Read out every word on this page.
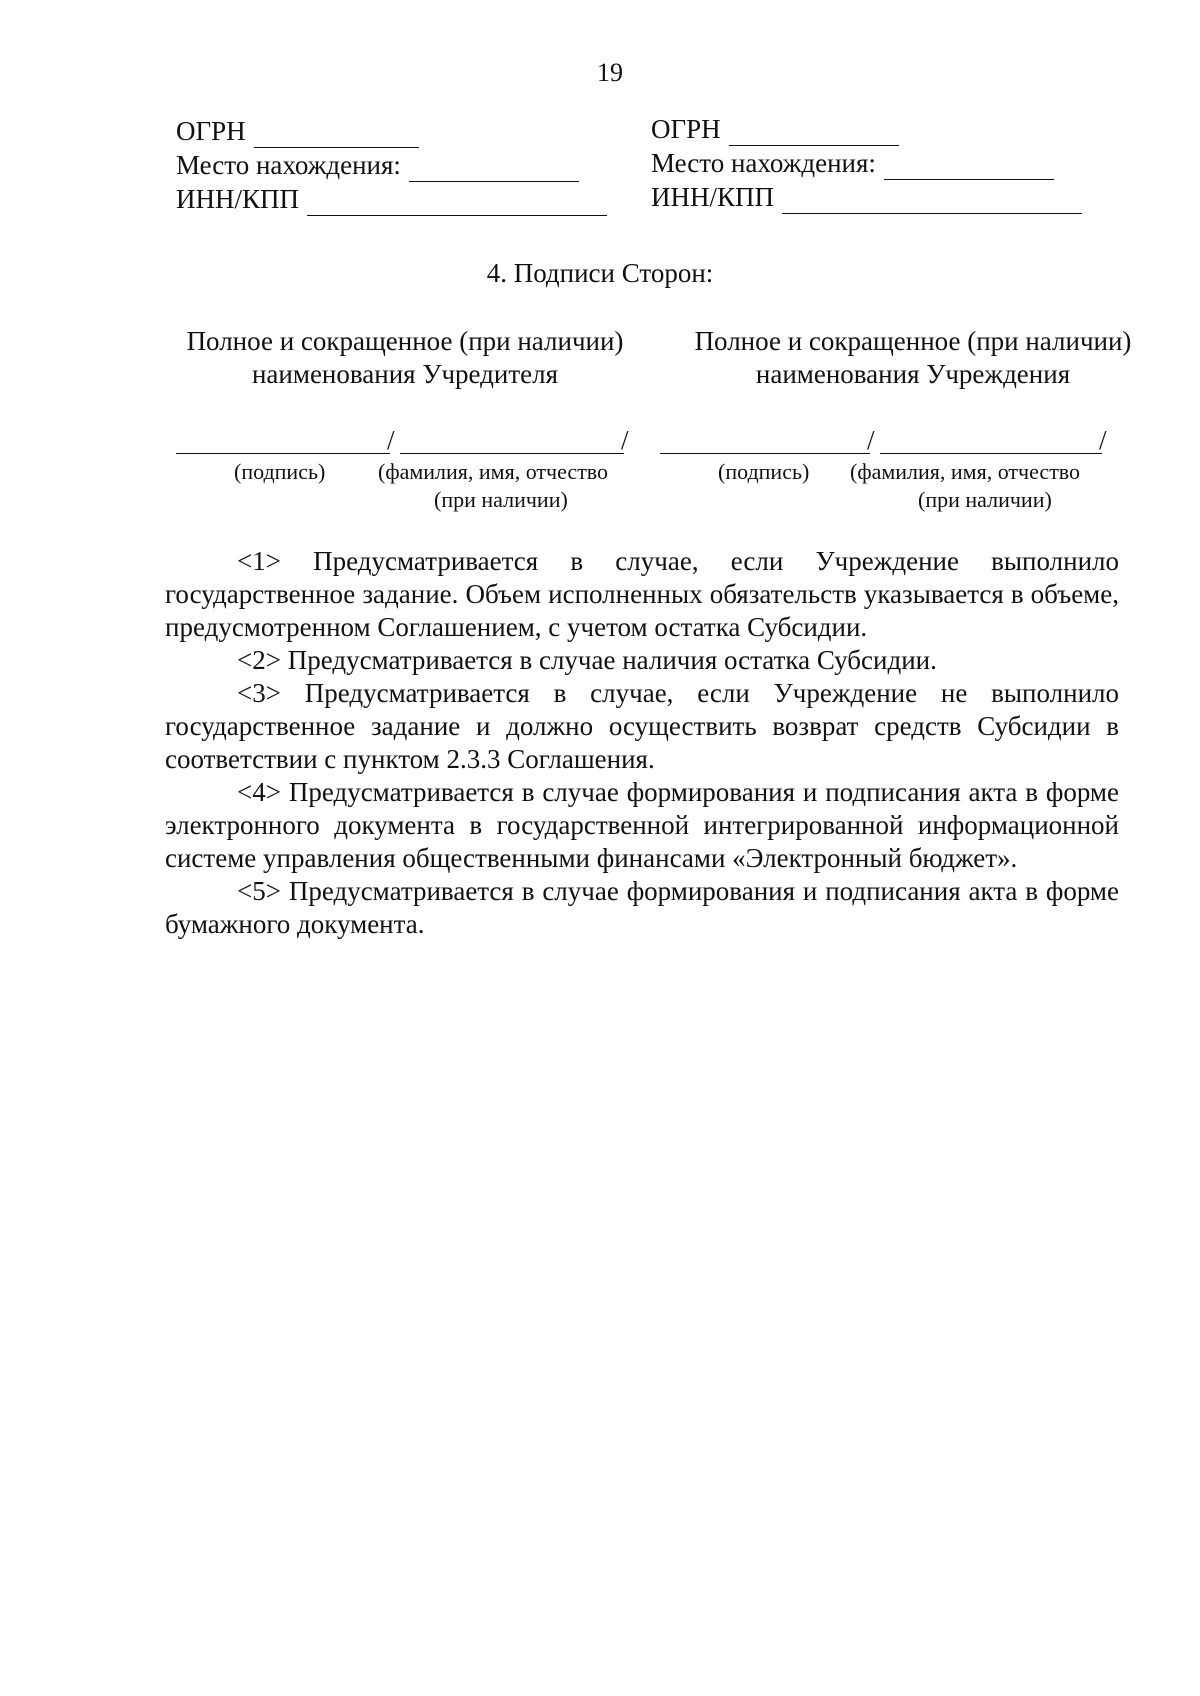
19
ОГРН
Место нахождения:
ИНН/КПП
ОГРН
Место нахождения:
ИНН/КПП
4. Подписи Сторон:
Полное и сокращенное (при наличии) наименования Учредителя
Полное и сокращенное (при наличии) наименования Учреждения
/	/	/	/
(подпись) (фамилия, имя, отчество
(при наличии)
(подпись) (фамилия, имя, отчество
(при наличии)

<1> Предусматривается в случае, если Учреждение выполнило государственное задание. Объем исполненных обязательств указывается в объеме, предусмотренном Соглашением, с учетом остатка Субсидии.

<2> Предусматривается в случае наличия остатка Субсидии.

<3> Предусматривается в случае, если Учреждение не выполнило государственное задание и должно осуществить возврат средств Субсидии в соответствии с пунктом 2.3.3 Соглашения.

<4> Предусматривается в случае формирования и подписания акта в форме электронного документа в государственной интегрированной информационной системе управления общественными финансами «Электронный бюджет».

<5> Предусматривается в случае формирования и подписания акта в форме бумажного документа.
